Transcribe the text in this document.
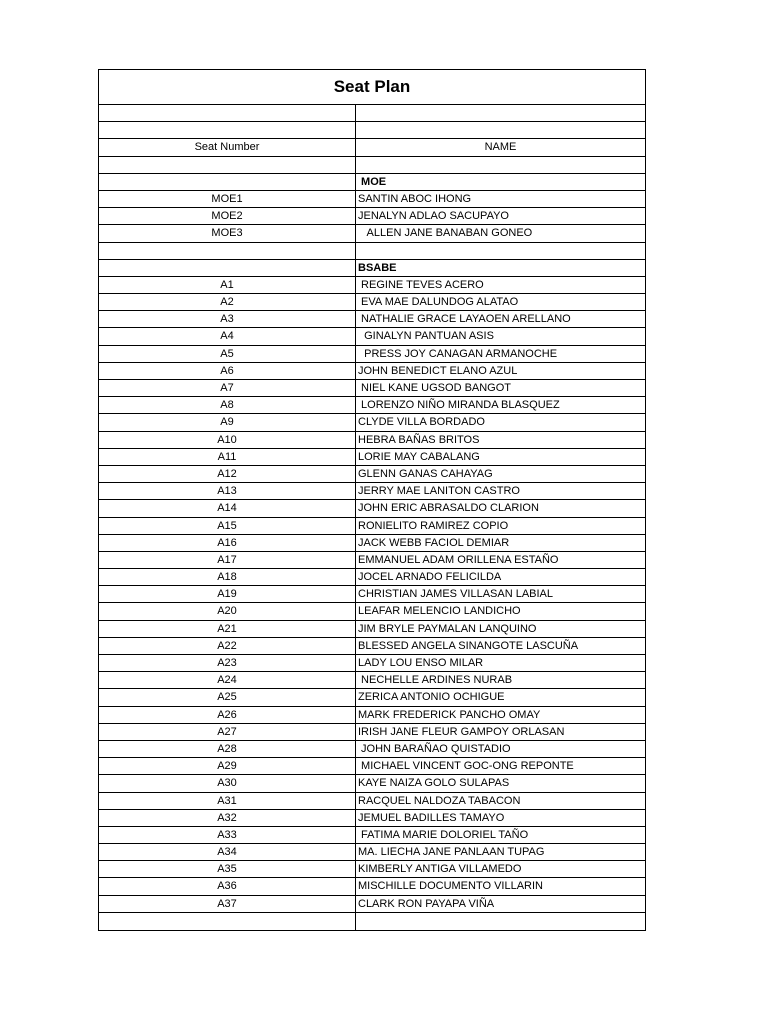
Seat Plan
Seat Number	NAME
MOE
MOE1	SANTIN ABOC IHONG
MOE2	JENALYN ADLAO SACUPAYO
MOE3	ALLEN JANE BANABAN GONEO
BSABE
A1	REGINE TEVES ACERO
A2	EVA MAE DALUNDOG ALATAO
A3	NATHALIE GRACE LAYAOEN ARELLANO
A4	GINALYN PANTUAN ASIS
A5	PRESS JOY CANAGAN ARMANOCHE
A6	JOHN BENEDICT ELANO AZUL
A7	NIEL KANE UGSOD BANGOT
A8	LORENZO NIÑO MIRANDA BLASQUEZ
A9	CLYDE VILLA BORDADO
A10	HEBRA BAÑAS BRITOS
A11	LORIE MAY CABALANG
A12	GLENN GANAS CAHAYAG
A13	JERRY MAE LANITON CASTRO
A14	JOHN ERIC ABRASALDO CLARION
A15	RONIELITO RAMIREZ COPIO
A16	JACK WEBB FACIOL DEMIAR
A17	EMMANUEL ADAM ORILLENA ESTAÑO
A18	JOCEL ARNADO FELICILDA
A19	CHRISTIAN JAMES VILLASAN LABIAL
A20	LEAFAR MELENCIO LANDICHO
A21	JIM BRYLE PAYMALAN LANQUINO
A22	BLESSED ANGELA SINANGOTE LASCUÑA
A23	LADY LOU ENSO MILAR
A24	NECHELLE ARDINES NURAB
A25	ZERICA ANTONIO OCHIGUE
A26	MARK FREDERICK PANCHO OMAY
A27	IRISH JANE FLEUR GAMPOY ORLASAN
A28	JOHN BARAÑAO QUISTADIO
A29	MICHAEL VINCENT GOC-ONG REPONTE
A30	KAYE NAIZA GOLO SULAPAS
A31	RACQUEL NALDOZA TABACON
A32	JEMUEL BADILLES TAMAYO
A33	FATIMA MARIE DOLORIEL TAÑO
A34	MA. LIECHA JANE PANLAAN TUPAG
A35	KIMBERLY ANTIGA VILLAMEDO
A36	MISCHILLE DOCUMENTO VILLARIN
A37	CLARK RON PAYAPA VIÑA
